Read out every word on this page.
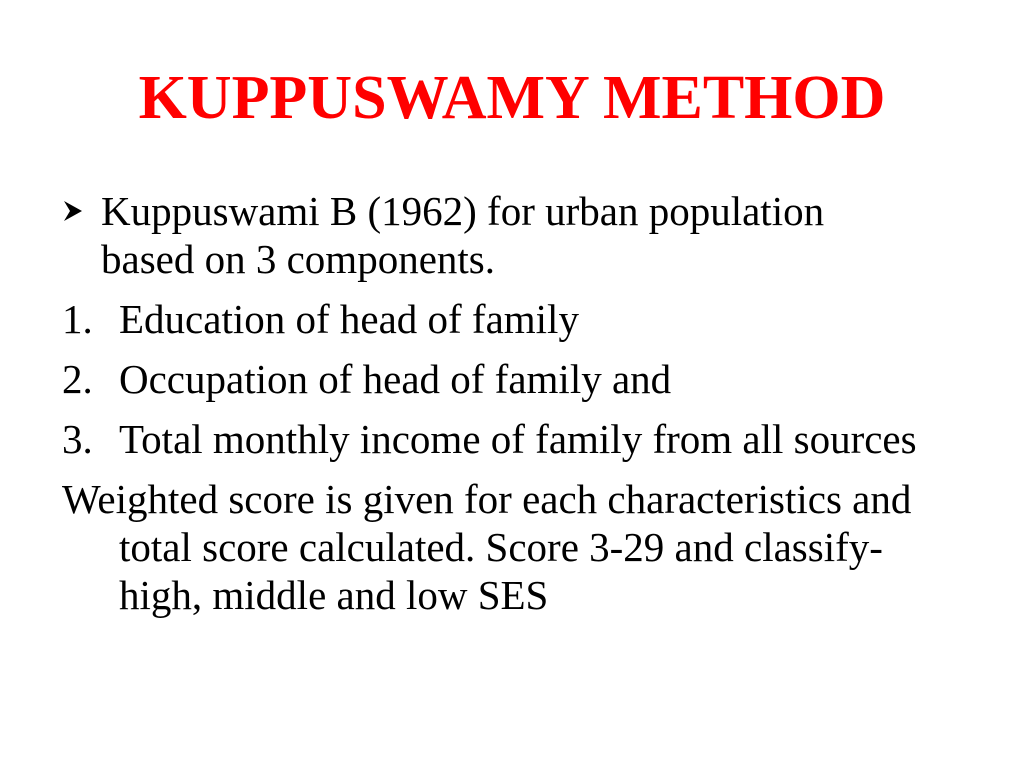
KUPPUSWAMY METHOD
Kuppuswami B (1962) for urban population
based on 3 components.
1. Education of head of family
2. Occupation of head of family and
3. Total monthly income of family from all sources
Weighted score is given for each characteristics and total score calculated. Score 3-29 and classify-high, middle and low SES
